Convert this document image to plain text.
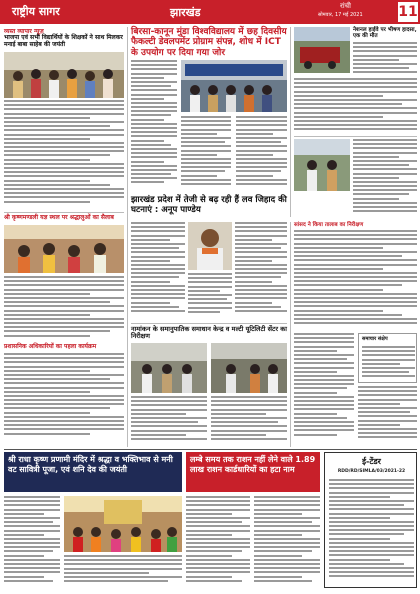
राष्ट्रीय सागर	झारखंड	रांची
सोमवार, 17 मई 2021	11
व्यस्त व्यापार न्यूज़
भाजपा एवं सभी विद्यार्थियों के शिक्षकों ने साथ मिलकर मनाई बाबा साहेब की जयंती
श्री कृष्णमण्डली यज्ञ स्थल पर श्रद्धालुओं का सैलाब
प्रशासनिक अधिकारियों का पहला कार्यक्रम
बिरसा-कानून मुंडा विश्वविद्यालय में छह दिवसीय फैकल्टी डेवलपमेंट प्रोग्राम संपन्न, शोध में ICT के उपयोग पर दिया गया जोर
नेशनल हाईवे पर भीषण हादसा, एक की मौत
झारखंड प्रदेश में तेजी से बढ़ रही हैं लव जिहाद की घटनाएं : अनूप पाण्डेय
सांसद ने किया तालाब का निरीक्षण
समाचार संक्षेप
नामांकन के समानुपातिक समाधान केन्द्र व मल्टी यूटिलिटी सेंटर का निरीक्षण
श्री राधा कृष्ण प्रणामी मंदिर में श्रद्धा व भक्तिभाव से मनी वट सावित्री पूजा, एवं शनि देव की जयंती
लम्बे समय तक राशन नहीं लेने वाले 1.89 लाख राशन कार्डधारियों का हटा नाम
ई-टेंडर
RDD/RD/SIMLA/03/2021-22
